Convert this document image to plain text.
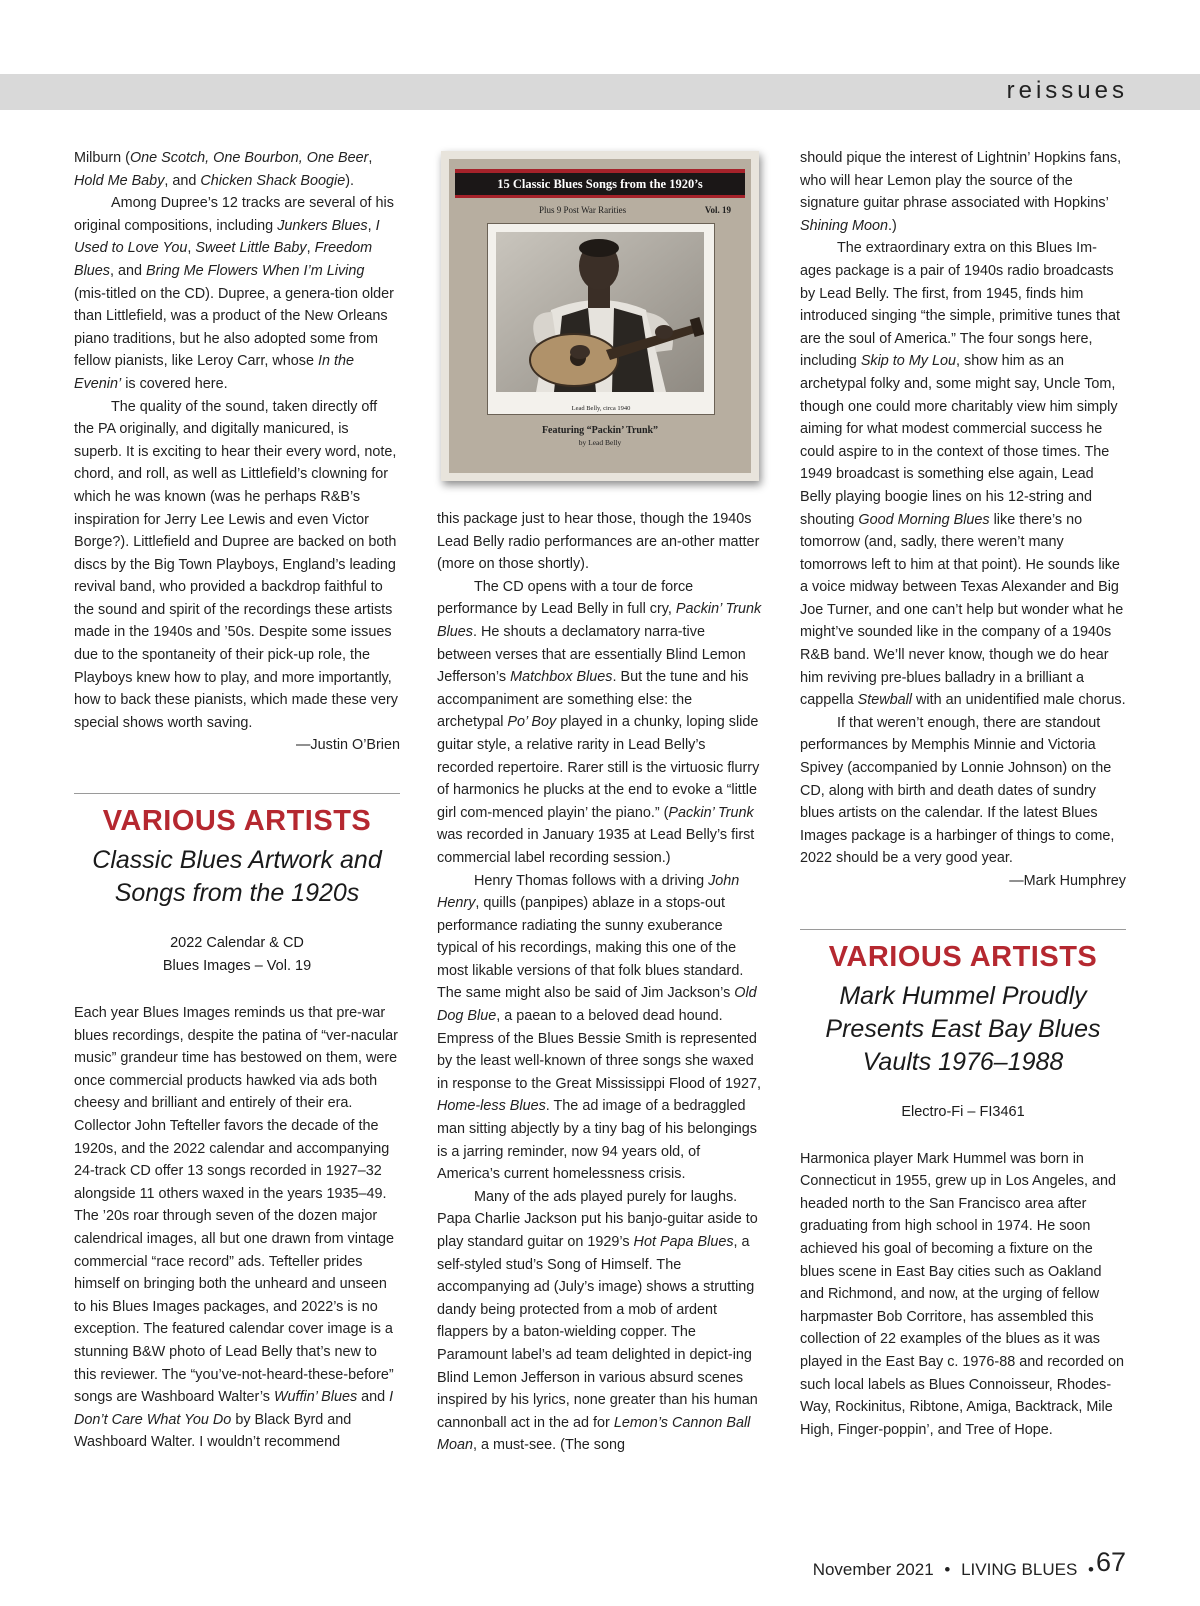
reissues

Milburn (One Scotch, One Bourbon, One Beer, Hold Me Baby, and Chicken Shack Boogie).

Among Dupree’s 12 tracks are several of his original compositions, including Junkers Blues, I Used to Love You, Sweet Little Baby, Freedom Blues, and Bring Me Flowers When I’m Living (mis-titled on the CD). Dupree, a genera-tion older than Littlefield, was a product of the New Orleans piano traditions, but he also adopted some from fellow pianists, like Leroy Carr, whose In the Evenin’ is covered here.

The quality of the sound, taken directly off the PA originally, and digitally manicured, is superb. It is exciting to hear their every word, note, chord, and roll, as well as Littlefield’s clowning for which he was known (was he perhaps R&B’s inspiration for Jerry Lee Lewis and even Victor Borge?). Littlefield and Dupree are backed on both discs by the Big Town Playboys, England’s leading revival band, who provided a backdrop faithful to the sound and spirit of the recordings these artists made in the 1940s and ’50s. Despite some issues due to the spontaneity of their pick-up role, the Playboys knew how to play, and more importantly, how to back these pianists, which made these very special shows worth saving.

—Justin O’Brien

VARIOUS ARTISTS
Classic Blues Artwork and
Songs from the 1920s

2022 Calendar & CD
Blues Images – Vol. 19

Each year Blues Images reminds us that pre-war blues recordings, despite the patina of “ver-nacular music” grandeur time has bestowed on them, were once commercial products hawked via ads both cheesy and brilliant and entirely of their era. Collector John Tefteller favors the decade of the 1920s, and the 2022 calendar and accompanying 24-track CD offer 13 songs recorded in 1927–32 alongside 11 others waxed in the years 1935–49. The ’20s roar through seven of the dozen major calendrical images, all but one drawn from vintage commercial “race record” ads. Tefteller prides himself on bringing both the unheard and unseen to his Blues Images packages, and 2022’s is no exception. The featured calendar cover image is a stunning B&W photo of Lead Belly that’s new to this reviewer. The “you’ve-not-heard-these-before” songs are Washboard Walter’s Wuffin’ Blues and I Don’t Care What You Do by Black Byrd and Washboard Walter. I wouldn’t recommend

15 Classic Blues Songs from the 1920’s
Plus 9 Post War Rarities	Vol. 19
Lead Belly, circa 1940
Featuring “Packin’ Trunk”
by Lead Belly

this package just to hear those, though the 1940s Lead Belly radio performances are an-other matter (more on those shortly).

The CD opens with a tour de force performance by Lead Belly in full cry, Packin’ Trunk Blues. He shouts a declamatory narra-tive between verses that are essentially Blind Lemon Jefferson’s Matchbox Blues. But the tune and his accompaniment are something else: the archetypal Po’ Boy played in a chunky, loping slide guitar style, a relative rarity in Lead Belly’s recorded repertoire. Rarer still is the virtuosic flurry of harmonics he plucks at the end to evoke a “little girl com-menced playin’ the piano.” (Packin’ Trunk was recorded in January 1935 at Lead Belly’s first commercial label recording session.)

Henry Thomas follows with a driving John Henry, quills (panpipes) ablaze in a stops-out performance radiating the sunny exuberance typical of his recordings, making this one of the most likable versions of that folk blues standard. The same might also be said of Jim Jackson’s Old Dog Blue, a paean to a beloved dead hound. Empress of the Blues Bessie Smith is represented by the least well-known of three songs she waxed in response to the Great Mississippi Flood of 1927, Home-less Blues. The ad image of a bedraggled man sitting abjectly by a tiny bag of his belongings is a jarring reminder, now 94 years old, of America’s current homelessness crisis.

Many of the ads played purely for laughs. Papa Charlie Jackson put his banjo-guitar aside to play standard guitar on 1929’s Hot Papa Blues, a self-styled stud’s Song of Himself. The accompanying ad (July’s image) shows a strutting dandy being protected from a mob of ardent flappers by a baton-wielding copper. The Paramount label’s ad team delighted in depict-ing Blind Lemon Jefferson in various absurd scenes inspired by his lyrics, none greater than his human cannonball act in the ad for Lemon’s Cannon Ball Moan, a must-see. (The song

should pique the interest of Lightnin’ Hopkins fans, who will hear Lemon play the source of the signature guitar phrase associated with Hopkins’ Shining Moon.)

The extraordinary extra on this Blues Im-ages package is a pair of 1940s radio broadcasts by Lead Belly. The first, from 1945, finds him introduced singing “the simple, primitive tunes that are the soul of America.” The four songs here, including Skip to My Lou, show him as an archetypal folky and, some might say, Uncle Tom, though one could more charitably view him simply aiming for what modest commercial success he could aspire to in the context of those times. The 1949 broadcast is something else again, Lead Belly playing boogie lines on his 12-string and shouting Good Morning Blues like there’s no tomorrow (and, sadly, there weren’t many tomorrows left to him at that point). He sounds like a voice midway between Texas Alexander and Big Joe Turner, and one can’t help but wonder what he might’ve sounded like in the company of a 1940s R&B band. We’ll never know, though we do hear him reviving pre-blues balladry in a brilliant a cappella Stewball with an unidentified male chorus.

If that weren’t enough, there are standout performances by Memphis Minnie and Victoria Spivey (accompanied by Lonnie Johnson) on the CD, along with birth and death dates of sundry blues artists on the calendar. If the latest Blues Images package is a harbinger of things to come, 2022 should be a very good year.

—Mark Humphrey

VARIOUS ARTISTS
Mark Hummel Proudly
Presents East Bay Blues
Vaults 1976–1988

Electro-Fi – FI3461

Harmonica player Mark Hummel was born in Connecticut in 1955, grew up in Los Angeles, and headed north to the San Francisco area after graduating from high school in 1974. He soon achieved his goal of becoming a fixture on the blues scene in East Bay cities such as Oakland and Richmond, and now, at the urging of fellow harpmaster Bob Corritore, has assembled this collection of 22 examples of the blues as it was played in the East Bay c. 1976-88 and recorded on such local labels as Blues Connoisseur, Rhodes-Way, Rockinitus, Ribtone, Amiga, Backtrack, Mile High, Finger-poppin’, and Tree of Hope.

November 2021 • LIVING BLUES • 67
